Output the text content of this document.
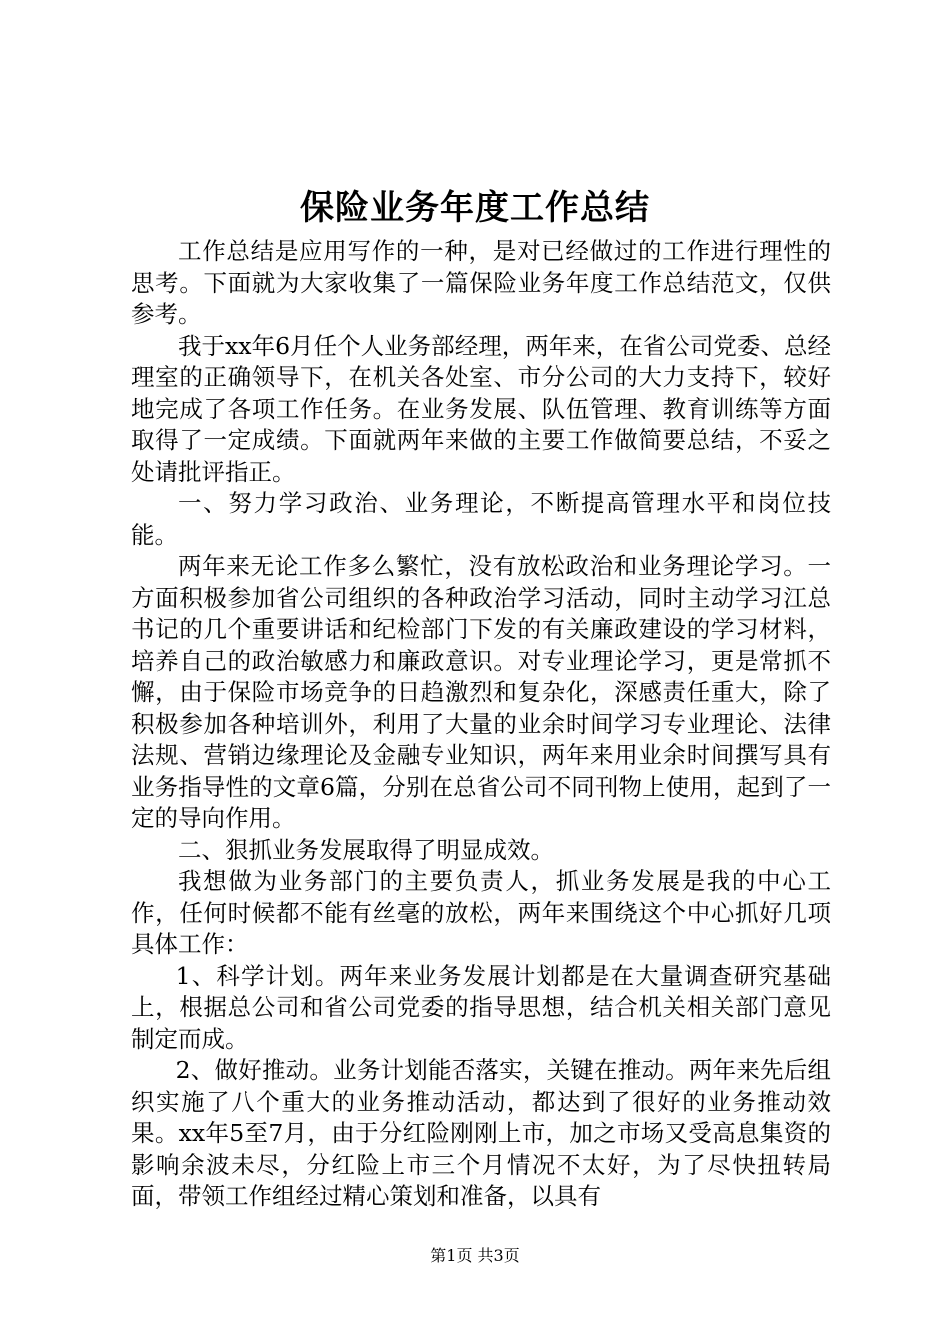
保险业务年度工作总结

工作总结是应用写作的一种，是对已经做过的工作进行理性的思考。下面就为大家收集了一篇保险业务年度工作总结范文，仅供参考。

我于xx年6月任个人业务部经理，两年来，在省公司党委、总经理室的正确领导下，在机关各处室、市分公司的大力支持下，较好地完成了各项工作任务。在业务发展、队伍管理、教育训练等方面取得了一定成绩。下面就两年来做的主要工作做简要总结，不妥之处请批评指正。

一、努力学习政治、业务理论，不断提高管理水平和岗位技能。

两年来无论工作多么繁忙，没有放松政治和业务理论学习。一方面积极参加省公司组织的各种政治学习活动，同时主动学习江总书记的几个重要讲话和纪检部门下发的有关廉政建设的学习材料，培养自己的政治敏感力和廉政意识。对专业理论学习，更是常抓不懈，由于保险市场竞争的日趋激烈和复杂化，深感责任重大，除了积极参加各种培训外，利用了大量的业余时间学习专业理论、法律法规、营销边缘理论及金融专业知识，两年来用业余时间撰写具有业务指导性的文章6篇，分别在总省公司不同刊物上使用，起到了一定的导向作用。

二、狠抓业务发展取得了明显成效。

我想做为业务部门的主要负责人，抓业务发展是我的中心工作，任何时候都不能有丝毫的放松，两年来围绕这个中心抓好几项具体工作：

1、科学计划。两年来业务发展计划都是在大量调查研究基础上，根据总公司和省公司党委的指导思想，结合机关相关部门意见制定而成。

2、做好推动。业务计划能否落实，关键在推动。两年来先后组织实施了八个重大的业务推动活动，都达到了很好的业务推动效果。xx年5至7月，由于分红险刚刚上市，加之市场又受高息集资的影响余波未尽，分红险上市三个月情况不太好，为了尽快扭转局面，带领工作组经过精心策划和准备，以具有

第1页 共3页
